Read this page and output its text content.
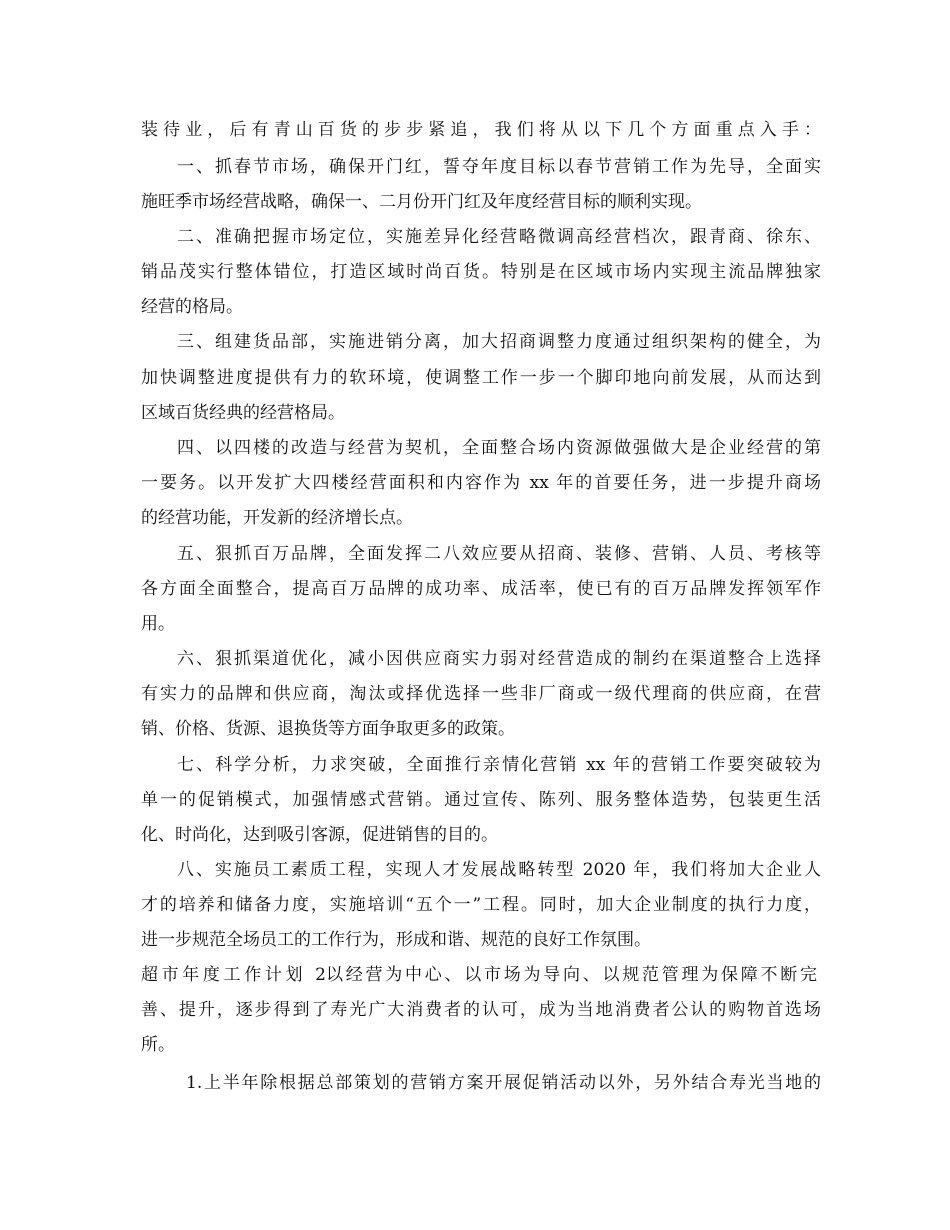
装待业，后有青山百货的步步紧追，我们将从以下几个方面重点入手：
一、抓春节市场，确保开门红，誓夺年度目标以春节营销工作为先导，全面实
施旺季市场经营战略，确保一、二月份开门红及年度经营目标的顺利实现。
二、准确把握市场定位，实施差异化经营略微调高经营档次，跟青商、徐东、
销品茂实行整体错位，打造区域时尚百货。特别是在区域市场内实现主流品牌独家
经营的格局。
三、组建货品部，实施进销分离，加大招商调整力度通过组织架构的健全，为
加快调整进度提供有力的软环境，使调整工作一步一个脚印地向前发展，从而达到
区域百货经典的经营格局。
四、以四楼的改造与经营为契机，全面整合场内资源做强做大是企业经营的第
一要务。以开发扩大四楼经营面积和内容作为 xx 年的首要任务，进一步提升商场
的经营功能，开发新的经济增长点。
五、狠抓百万品牌，全面发挥二八效应要从招商、装修、营销、人员、考核等
各方面全面整合，提高百万品牌的成功率、成活率，使已有的百万品牌发挥领军作
用。
六、狠抓渠道优化，减小因供应商实力弱对经营造成的制约在渠道整合上选择
有实力的品牌和供应商，淘汰或择优选择一些非厂商或一级代理商的供应商，在营
销、价格、货源、退换货等方面争取更多的政策。
七、科学分析，力求突破，全面推行亲情化营销 xx 年的营销工作要突破较为
单一的促销模式，加强情感式营销。通过宣传、陈列、服务整体造势，包装更生活
化、时尚化，达到吸引客源，促进销售的目的。
八、实施员工素质工程，实现人才发展战略转型 2020 年，我们将加大企业人
才的培养和储备力度，实施培训“五个一”工程。同时，加大企业制度的执行力度，
进一步规范全场员工的工作行为，形成和谐、规范的良好工作氛围。
超市年度工作计划 2以经营为中心、以市场为导向、以规范管理为保障不断完
善、提升，逐步得到了寿光广大消费者的认可，成为当地消费者公认的购物首选场
所。
1.上半年除根据总部策划的营销方案开展促销活动以外，另外结合寿光当地的
